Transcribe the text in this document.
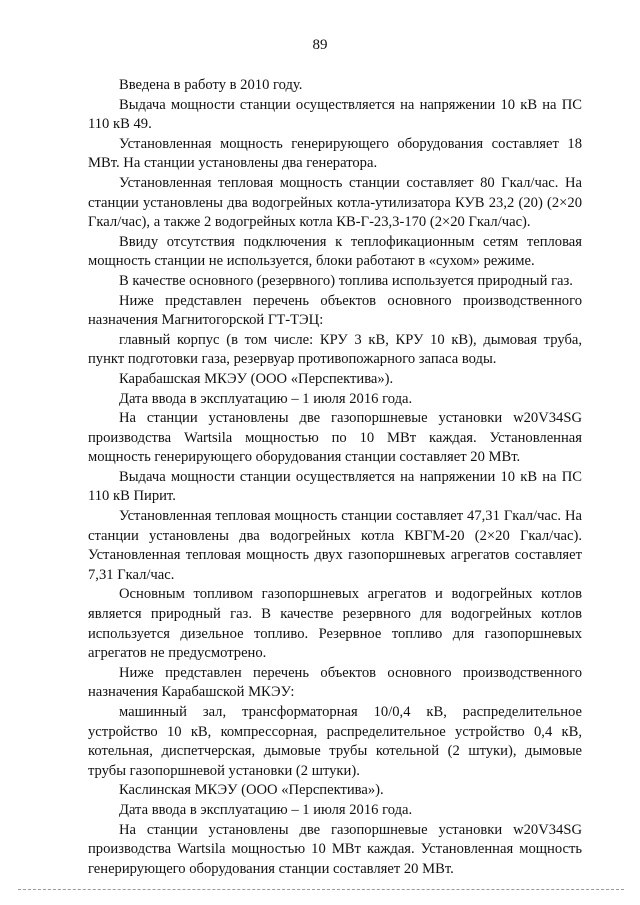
89

Введена в работу в 2010 году.

Выдача мощности станции осуществляется на напряжении 10 кВ на ПС 110 кВ 49.

Установленная мощность генерирующего оборудования составляет 18 МВт. На станции установлены два генератора.

Установленная тепловая мощность станции составляет 80 Гкал/час. На станции установлены два водогрейных котла-утилизатора КУВ 23,2 (20) (2×20 Гкал/час), а также 2 водогрейных котла КВ-Г-23,3-170 (2×20 Гкал/час).

Ввиду отсутствия подключения к теплофикационным сетям тепловая мощность станции не используется, блоки работают в «сухом» режиме.

В качестве основного (резервного) топлива используется природный газ.

Ниже представлен перечень объектов основного производственного назначения Магнитогорской ГТ-ТЭЦ:

главный корпус (в том числе: КРУ 3 кВ, КРУ 10 кВ), дымовая труба, пункт подготовки газа, резервуар противопожарного запаса воды.

Карабашская МКЭУ (ООО «Перспектива»).

Дата ввода в эксплуатацию – 1 июля 2016 года.

На станции установлены две газопоршневые установки w20V34SG производства Wartsila мощностью по 10 МВт каждая. Установленная мощность генерирующего оборудования станции составляет 20 МВт.

Выдача мощности станции осуществляется на напряжении 10 кВ на ПС 110 кВ Пирит.

Установленная тепловая мощность станции составляет 47,31 Гкал/час. На станции установлены два водогрейных котла КВГМ-20 (2×20 Гкал/час). Установленная тепловая мощность двух газопоршневых агрегатов составляет 7,31 Гкал/час.

Основным топливом газопоршневых агрегатов и водогрейных котлов является природный газ. В качестве резервного для водогрейных котлов используется дизельное топливо. Резервное топливо для газопоршневых агрегатов не предусмотрено.

Ниже представлен перечень объектов основного производственного назначения Карабашской МКЭУ:

машинный зал, трансформаторная 10/0,4 кВ, распределительное устройство 10 кВ, компрессорная, распределительное устройство 0,4 кВ, котельная, диспетчерская, дымовые трубы котельной (2 штуки), дымовые трубы газопоршневой установки (2 штуки).

Каслинская МКЭУ (ООО «Перспектива»).

Дата ввода в эксплуатацию – 1 июля 2016 года.

На станции установлены две газопоршневые установки w20V34SG производства Wartsila мощностью 10 МВт каждая. Установленная мощность генерирующего оборудования станции составляет 20 МВт.
